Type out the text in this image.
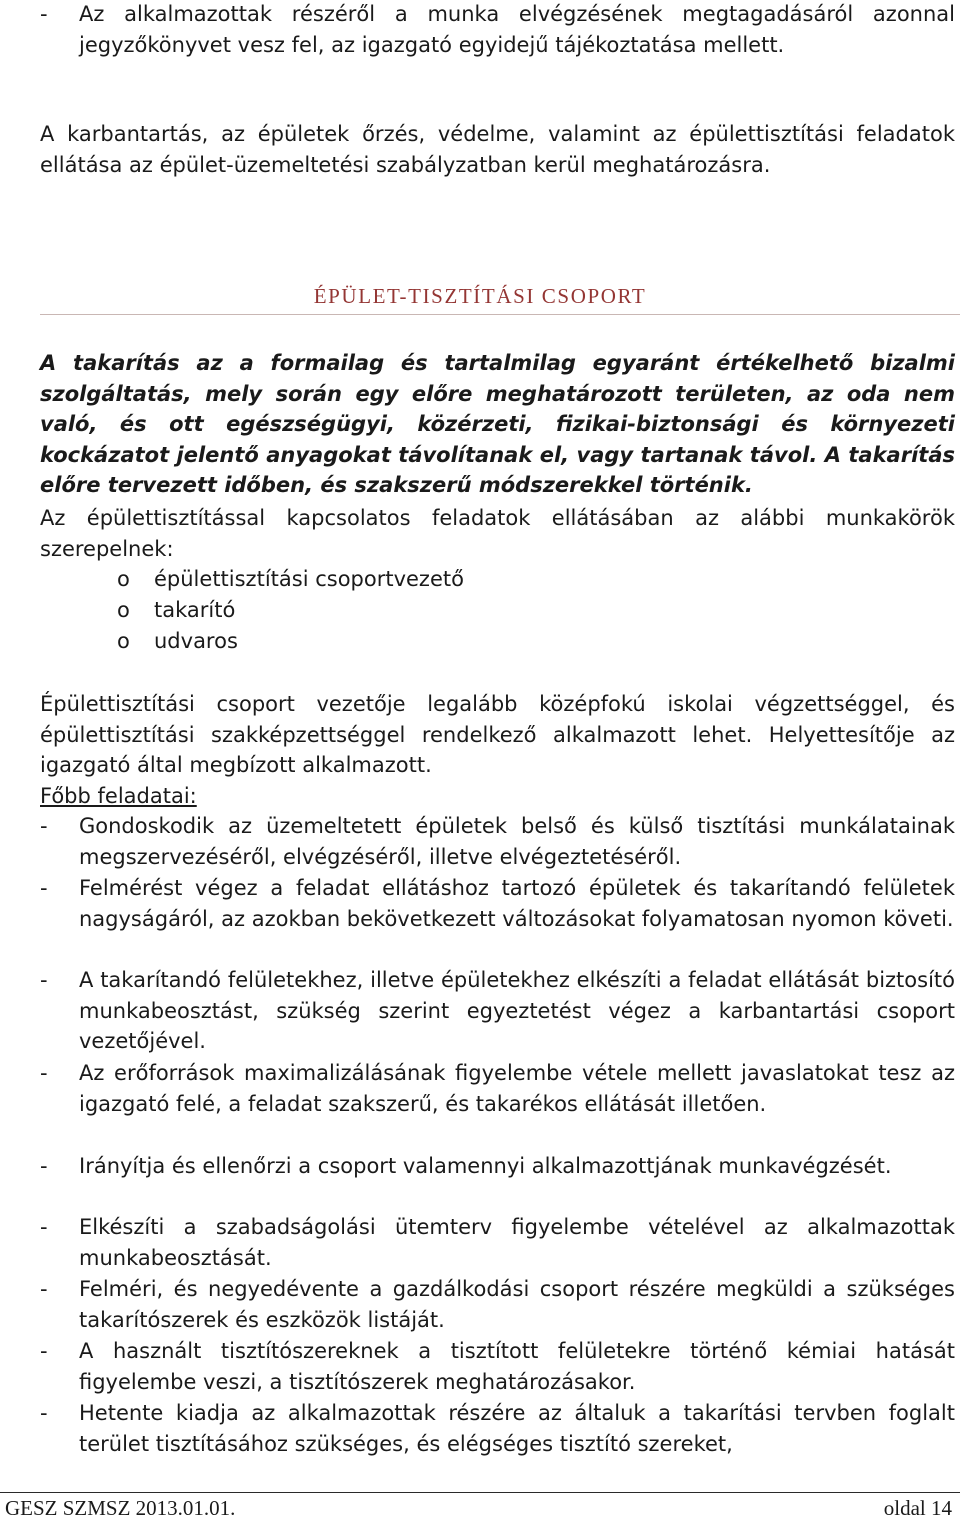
-	Az alkalmazottak részéről a munka elvégzésének megtagadásáról azonnal jegyzőkönyvet vesz fel, az igazgató egyidejű tájékoztatása mellett.
A karbantartás, az épületek őrzés, védelme, valamint az épülettisztítási feladatok ellátása az épület-üzemeltetési szabályzatban kerül meghatározásra.
ÉPÜLET-TISZTÍTÁSI CSOPORT
A takarítás az a formailag és tartalmilag egyaránt értékelhető bizalmi szolgáltatás, mely során egy előre meghatározott területen, az oda nem való, és ott egészségügyi, közérzeti, fizikai-biztonsági és környezeti kockázatot jelentő anyagokat távolítanak el, vagy tartanak távol. A takarítás előre tervezett időben, és szakszerű módszerekkel történik.
Az épülettisztítással kapcsolatos feladatok ellátásában az alábbi munkakörök szerepelnek:
o épülettisztítási csoportvezető
o takarító
o udvaros
Épülettisztítási csoport vezetője legalább középfokú iskolai végzettséggel, és épülettisztítási szakképzettséggel rendelkező alkalmazott lehet. Helyettesítője az igazgató által megbízott alkalmazott.
Főbb feladatai:
-	Gondoskodik az üzemeltetett épületek belső és külső tisztítási munkálatainak megszervezéséről, elvégzéséről, illetve elvégeztetéséről.
-	Felmérést végez a feladat ellátáshoz tartozó épületek és takarítandó felületek nagyságáról, az azokban bekövetkezett változásokat folyamatosan nyomon követi.
-	A takarítandó felületekhez, illetve épületekhez elkészíti a feladat ellátását biztosító munkabeosztást, szükség szerint egyeztetést végez a karbantartási csoport vezetőjével.
-	Az erőforrások maximalizálásának figyelembe vétele mellett javaslatokat tesz az igazgató felé, a feladat szakszerű, és takarékos ellátását illetően.
-	Irányítja és ellenőrzi a csoport valamennyi alkalmazottjának munkavégzését.
-	Elkészíti a szabadságolási ütemterv figyelembe vételével az alkalmazottak munkabeosztását.
-	Felméri, és negyedévente a gazdálkodási csoport részére megküldi a szükséges takarítószerek és eszközök listáját.
-	A használt tisztítószereknek a tisztított felületekre történő kémiai hatását figyelembe veszi, a tisztítószerek meghatározásakor.
-	Hetente kiadja az alkalmazottak részére az általuk a takarítási tervben foglalt terület tisztításához szükséges, és elégséges tisztító szereket,
GESZ SZMSZ 2013.01.01.	oldal 14
